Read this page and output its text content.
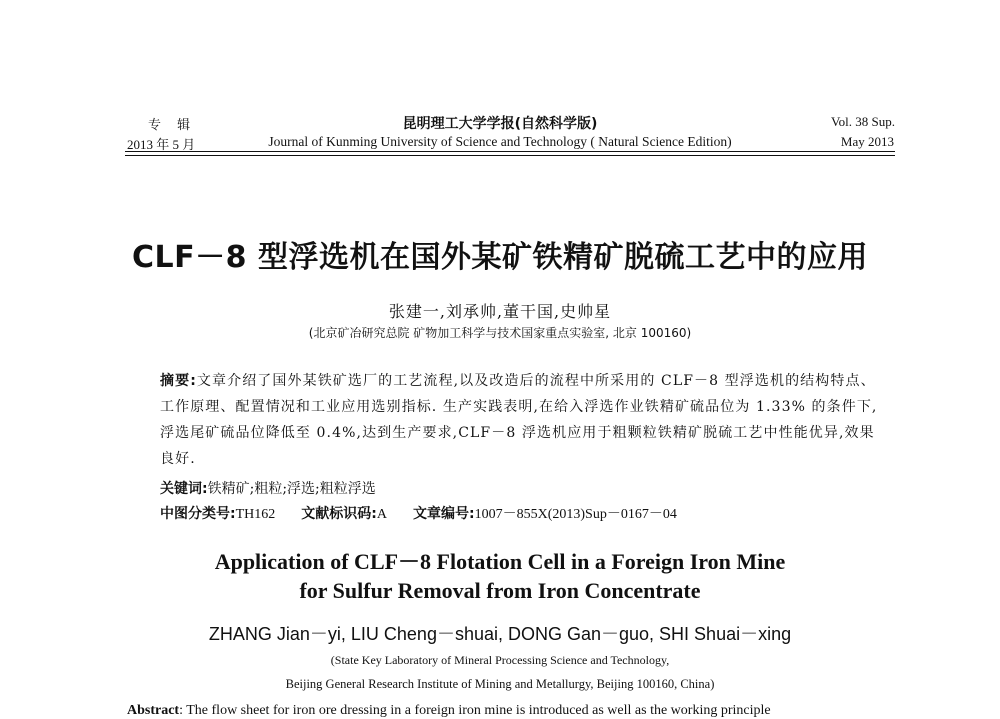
专 辑
2013 年 5 月
昆明理工大学学报(自然科学版)
Journal of Kunming University of Science and Technology ( Natural Science Edition)
Vol. 38 Sup.
May 2013
CLF－8 型浮选机在国外某矿铁精矿脱硫工艺中的应用
张建一,刘承帅,董干国,史帅星
(北京矿冶研究总院 矿物加工科学与技术国家重点实验室, 北京 100160)
摘要:文章介绍了国外某铁矿选厂的工艺流程,以及改造后的流程中所采用的 CLF－8 型浮选机的结构特点、工作原理、配置情况和工业应用选别指标. 生产实践表明,在给入浮选作业铁精矿硫品位为 1.33% 的条件下,浮选尾矿硫品位降低至 0.4%,达到生产要求,CLF－8 浮选机应用于粗颗粒铁精矿脱硫工艺中性能优异,效果良好.
关键词:铁精矿;粗粒;浮选;粗粒浮选
中图分类号:TH162 文献标识码:A 文章编号:1007－855X(2013)Sup－0167－04
Application of CLF－8 Flotation Cell in a Foreign Iron Mine
for Sulfur Removal from Iron Concentrate
ZHANG Jian－yi, LIU Cheng－shuai, DONG Gan－guo, SHI Shuai－xing
(State Key Laboratory of Mineral Processing Science and Technology,
Beijing General Research Institute of Mining and Metallurgy, Beijing 100160, China)
Abstract: The flow sheet for iron ore dressing in a foreign iron mine is introduced as well as the working principle
